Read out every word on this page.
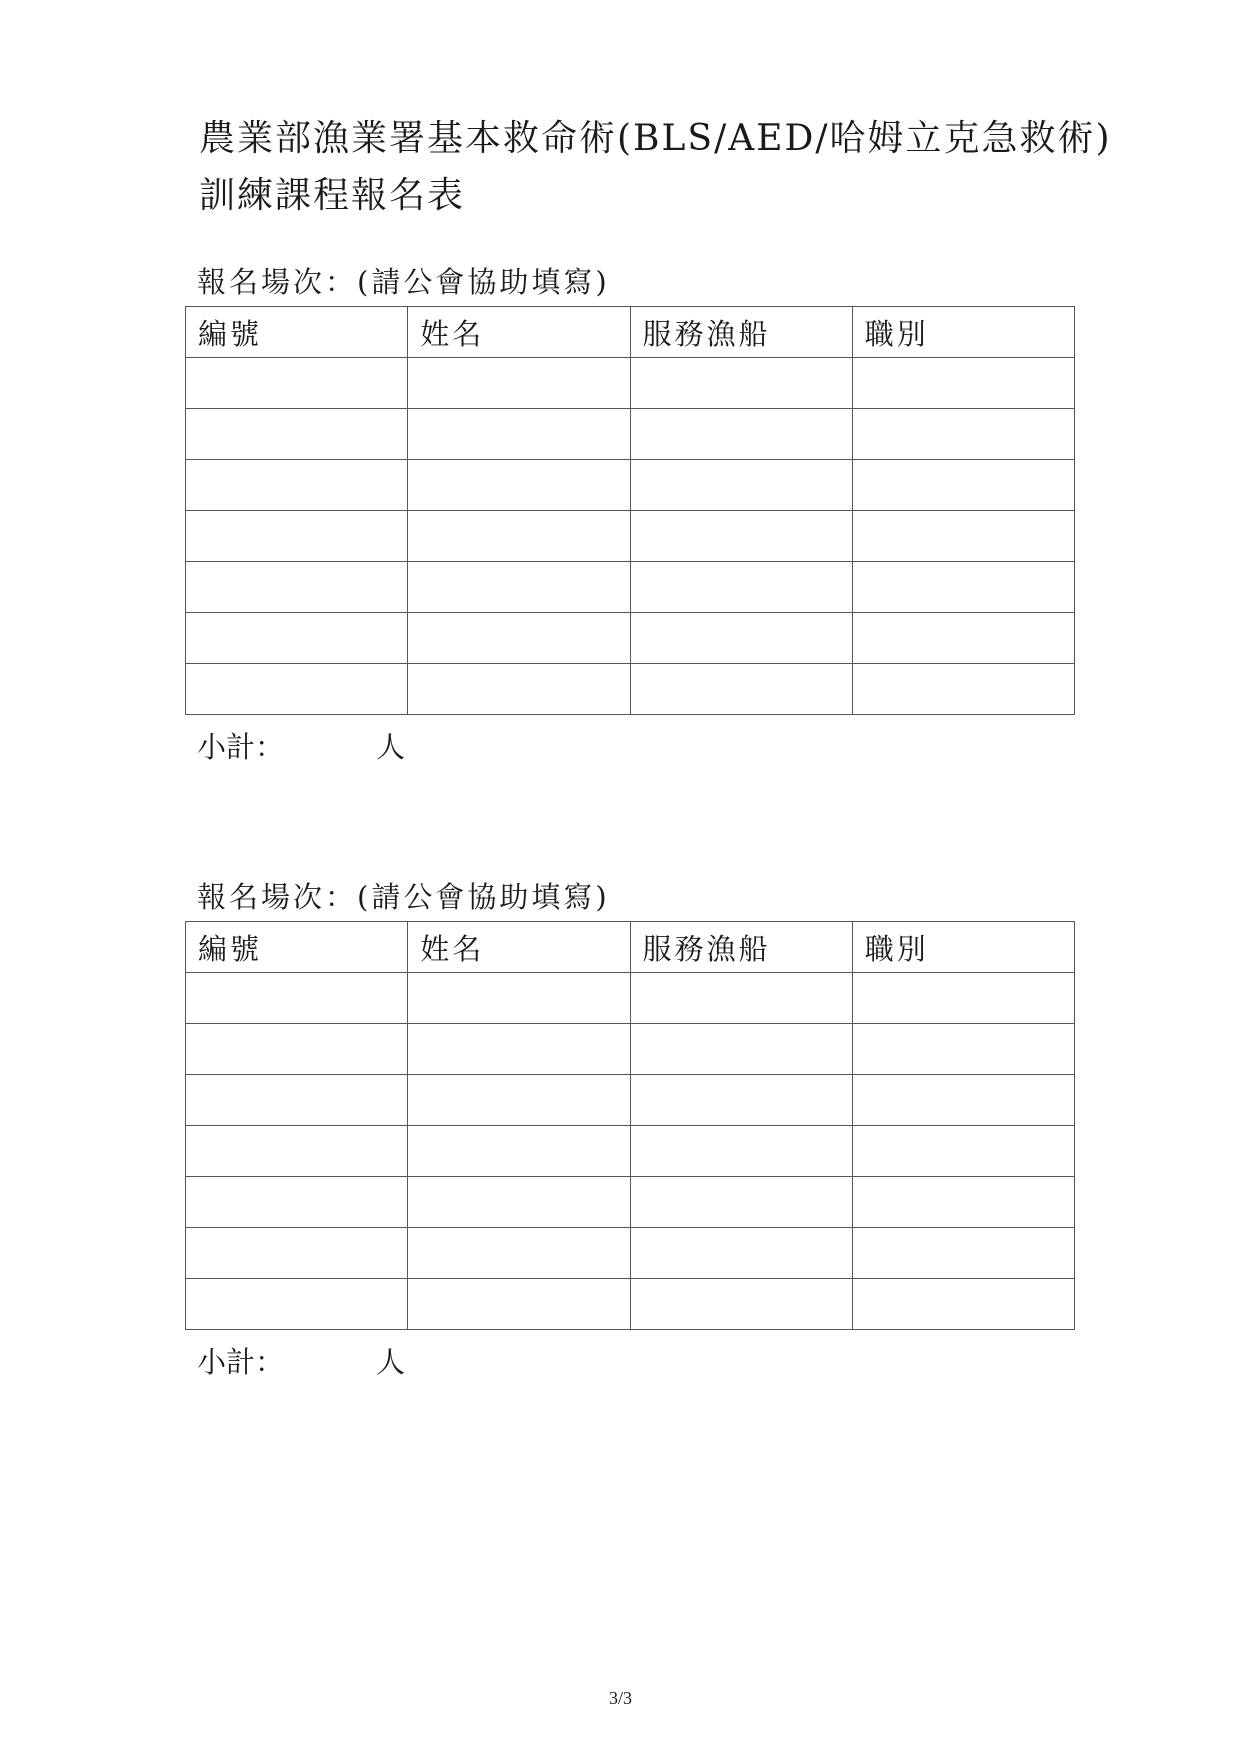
農業部漁業署基本救命術(BLS/AED/哈姆立克急救術)
訓練課程報名表
報名場次：(請公會協助填寫)
編號	姓名	服務漁船	職別

小計：	人
報名場次：(請公會協助填寫)
編號	姓名	服務漁船	職別

小計：	人
3/3
